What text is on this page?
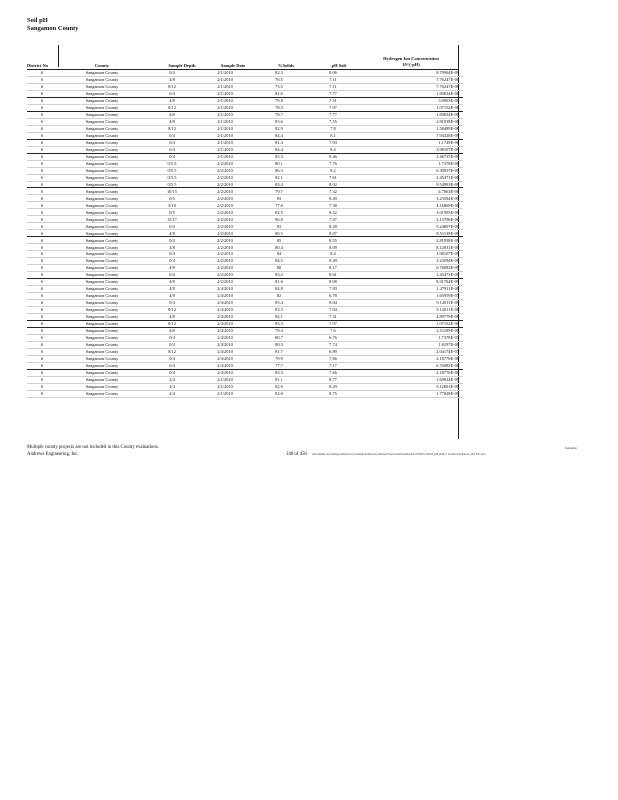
Soil pH
Sangamon County
District No	County	Sample Depth	Sample Date	%Solids	pH Salt
Hydrogen Ion Concentration
10^(-pH)
6	Sangamon County	0/4	2/1/2010	82.3	8.06	8.70964E-09
6	Sangamon County	4/8	2/1/2010	76.5	7.11	7.76247E-08
6	Sangamon County	8/12	2/1/2010	73.5	7.11	7.76247E-08
6	Sangamon County	0/4	2/1/2010	81.6	7.77	1.69824E-08
6	Sangamon County	4/8	2/1/2010	79.8	7.51	3.0903E-08
6	Sangamon County	8/12	2/1/2010	78.3	7.97	1.07152E-08
6	Sangamon County	4/8	2/1/2010	78.7	7.77	1.69824E-08
6	Sangamon County	4/8	2/1/2010	83.6	7.55	2.81838E-08
6	Sangamon County	8/12	2/1/2010	82.9	7.8	1.58489E-08
6	Sangamon County	0/4	2/1/2010	84.4	8.1	7.94328E-09
6	Sangamon County	0/4	2/1/2010	81.4	7.93	1.1749E-08
6	Sangamon County	0/4	2/1/2010	84.4	8.4	3.98107E-09
6	Sangamon County	0/4	2/1/2010	85.3	8.46	3.46737E-09
6	Sangamon County	0/5.5	2/2/2010	80.1	7.76	1.7378E-08
6	Sangamon County	0/5.5	2/2/2010	86.3	8.2	6.30957E-09
6	Sangamon County	0/5.5	2/2/2010	82.1	7.61	2.45471E-08
6	Sangamon County	0/5.5	2/2/2010	83.4	8.02	9.54993E-09
6	Sangamon County	10/15	2/2/2010	79.7	7.32	4.7863E-08
6	Sangamon County	0/5	2/2/2010	83	8.49	3.23594E-09
6	Sangamon County	5/10	2/2/2010	77.6	7.38	4.16869E-08
6	Sangamon County	0/5	2/2/2010	82.5	8.52	3.01995E-09
6	Sangamon County	15/17	2/2/2010	86.8	7.67	2.13796E-08
6	Sangamon County	0/4	2/2/2010	83	8.28	5.24807E-09
6	Sangamon County	4/8	2/2/2010	80.5	8.07	8.51138E-09
6	Sangamon County	0/4	2/2/2010	85	8.55	2.81838E-09
6	Sangamon County	4/8	2/2/2010	80.4	8.09	8.12831E-09
6	Sangamon County	0/4	2/2/2010	84	8.4	3.98107E-09
6	Sangamon County	0/4	2/2/2010	84.5	8.49	3.23594E-09
6	Sangamon County	4/8	2/2/2010	80	8.17	6.76083E-09
6	Sangamon County	0/4	2/2/2010	83.2	8.61	2.45471E-09
6	Sangamon County	4/8	2/2/2010	81.6	8.08	8.31764E-09
6	Sangamon County	4/8	2/4/2010	84.8	7.83	1.47911E-08
6	Sangamon County	4/8	2/4/2010	82	6.78	1.65959E-07
6	Sangamon County	0/4	2/4/2010	85.4	8.04	9.12011E-09
6	Sangamon County	8/12	2/4/2010	83.3	7.04	9.12011E-08
6	Sangamon County	4/8	2/4/2010	82.1	7.31	4.89779E-08
6	Sangamon County	8/12	2/4/2010	83.3	7.97	1.07152E-08
6	Sangamon County	4/8	2/4/2010	79.4	7.6	2.51189E-08
6	Sangamon County	0/4	2/4/2010	80.7	6.76	1.7378E-07
6	Sangamon County	0/4	2/4/2010	80.3	7.74	1.8197E-08
6	Sangamon County	8/12	2/4/2010	81.7	6.89	2.04174E-07
6	Sangamon County	0/4	2/4/2010	79.9	7.66	2.18776E-08
6	Sangamon County	0/4	2/4/2010	77.7	7.17	6.76083E-08
6	Sangamon County	0/4	2/4/2010	83.3	7.66	2.18776E-08
6	Sangamon County	2/4	2/1/2010	81.1	8.77	1.69824E-09
6	Sangamon County	2/4	2/1/2010	82.9	8.29	5.12861E-09
6	Sangamon County	2/4	2/1/2010	82.6	8.75	1.77828E-09
Multiple county projects are not included in this County evaluations.
Andrews Engineering, Inc.	148 of 458
Sangamon
\Documents and Settings\jdavis\Local Settings\Temporary Internet Files\Content.Outlook\WC0304V1\DOT_pH_RnB_1 Version Markdown_WE 28 Calcs
